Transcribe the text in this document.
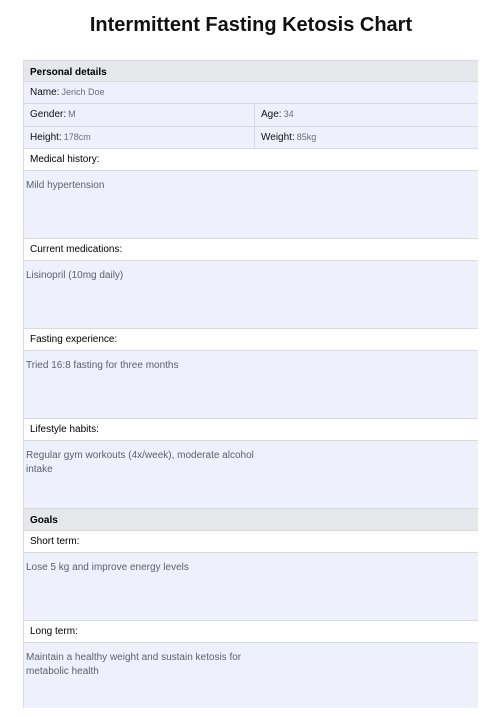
Intermittent Fasting Ketosis Chart
Personal details
Name: Jerich Doe
Gender: M	Age: 34
Height: 178cm	Weight: 85kg
Medical history:
Mild hypertension
Current medications:
Lisinopril (10mg daily)
Fasting experience:
Tried 16:8 fasting for three months
Lifestyle habits:
Regular gym workouts (4x/week), moderate alcohol intake
Goals
Short term:
Lose 5 kg and improve energy levels
Long term:
Maintain a healthy weight and sustain ketosis for metabolic health
